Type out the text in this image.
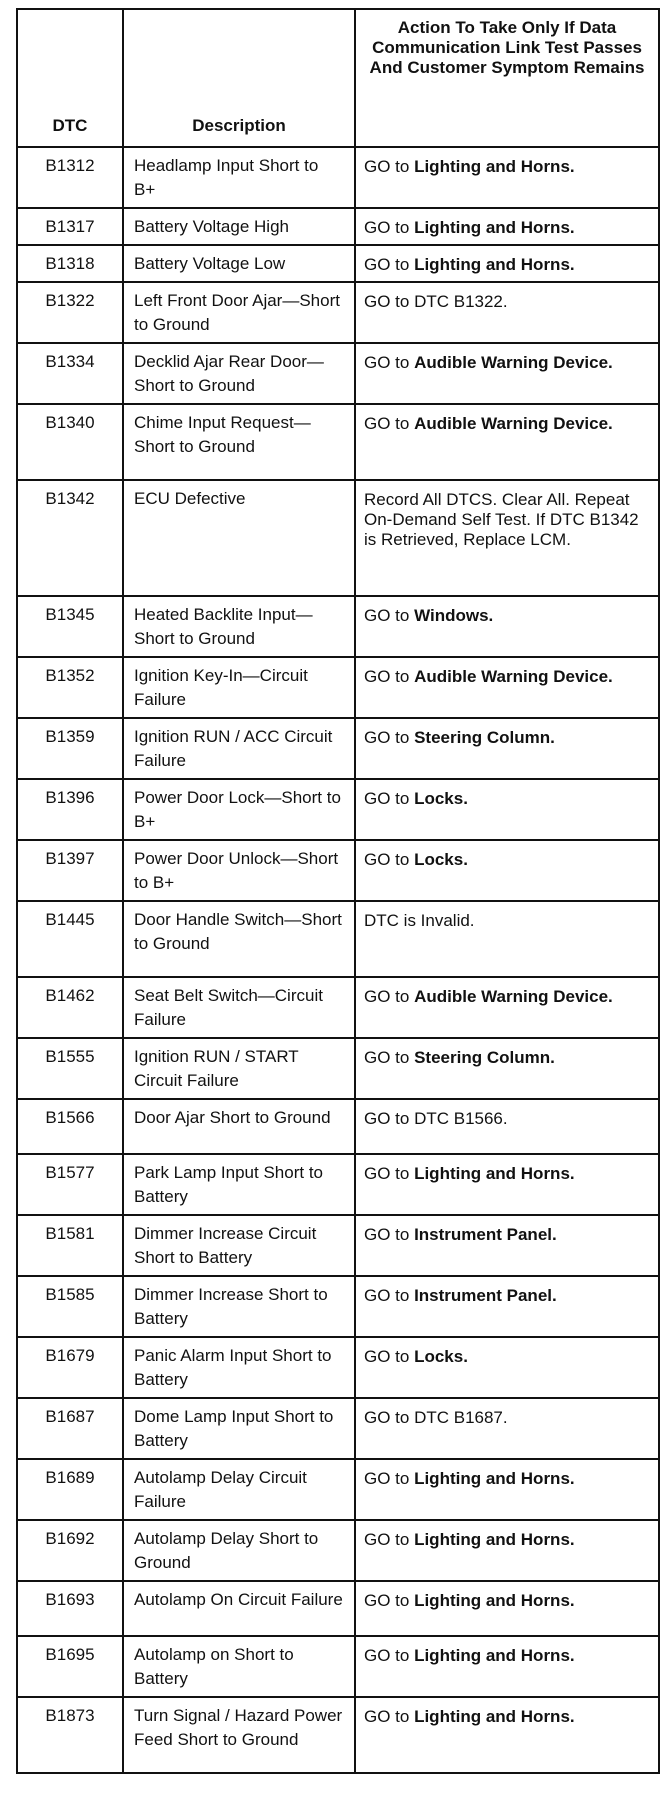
DTC	Description	Action To Take Only If Data Communication Link Test Passes And Customer Symptom Remains
B1312	Headlamp Input Short to B+	GO to Lighting and Horns.
B1317	Battery Voltage High	GO to Lighting and Horns.
B1318	Battery Voltage Low	GO to Lighting and Horns.
B1322	Left Front Door Ajar—Short to Ground	GO to DTC B1322.
B1334	Decklid Ajar Rear Door—Short to Ground	GO to Audible Warning Device.
B1340	Chime Input Request—Short to Ground	GO to Audible Warning Device.
B1342	ECU Defective	Record All DTCS. Clear All. Repeat On-Demand Self Test. If DTC B1342 is Retrieved, Replace LCM.
B1345	Heated Backlite Input—Short to Ground	GO to Windows.
B1352	Ignition Key-In—Circuit Failure	GO to Audible Warning Device.
B1359	Ignition RUN / ACC Circuit Failure	GO to Steering Column.
B1396	Power Door Lock—Short to B+	GO to Locks.
B1397	Power Door Unlock—Short to B+	GO to Locks.
B1445	Door Handle Switch—Short to Ground	DTC is Invalid.
B1462	Seat Belt Switch—Circuit Failure	GO to Audible Warning Device.
B1555	Ignition RUN / START Circuit Failure	GO to Steering Column.
B1566	Door Ajar Short to Ground	GO to DTC B1566.
B1577	Park Lamp Input Short to Battery	GO to Lighting and Horns.
B1581	Dimmer Increase Circuit Short to Battery	GO to Instrument Panel.
B1585	Dimmer Increase Short to Battery	GO to Instrument Panel.
B1679	Panic Alarm Input Short to Battery	GO to Locks.
B1687	Dome Lamp Input Short to Battery	GO to DTC B1687.
B1689	Autolamp Delay Circuit Failure	GO to Lighting and Horns.
B1692	Autolamp Delay Short to Ground	GO to Lighting and Horns.
B1693	Autolamp On Circuit Failure	GO to Lighting and Horns.
B1695	Autolamp on Short to Battery	GO to Lighting and Horns.
B1873	Turn Signal / Hazard Power Feed Short to Ground	GO to Lighting and Horns.
